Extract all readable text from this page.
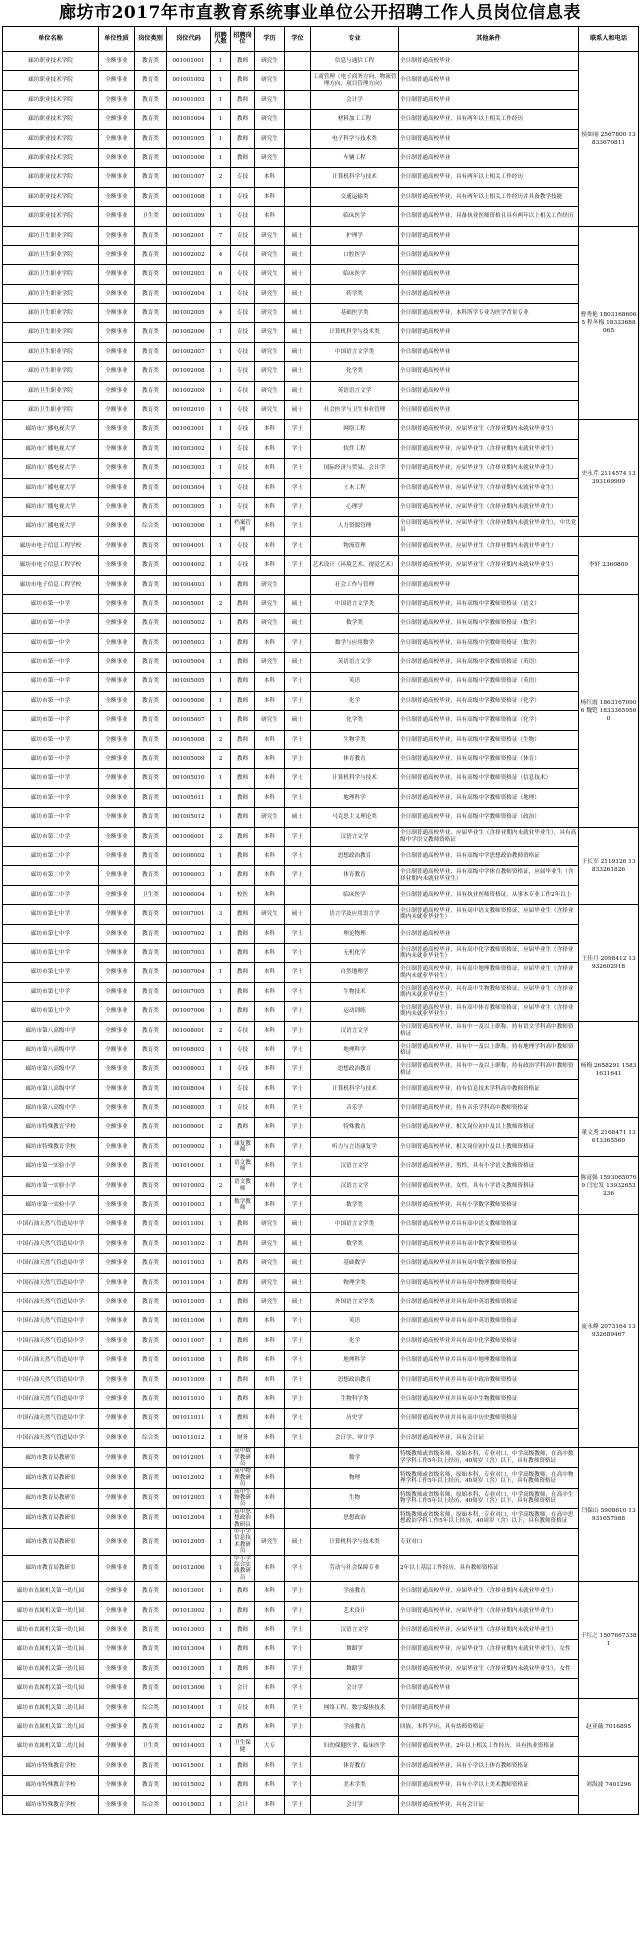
廊坊市2017年市直教育系统事业单位公开招聘工作人员岗位信息表
单位名称	单位性质	岗位类别	岗位代码	招聘人数	招聘岗位	学历	学位	专业	其他条件	联系人和电话
廊坊职业技术学院	全额事业	教育类	001001001	1	教师	研究生		信息与通信工程	全日制普通高校毕业	侯如丽 2567800 13833670811
廊坊职业技术学院	全额事业	教育类	001001002	1	教师	研究生		工商管理（电子商务方向、物流管理方向、项目管理方向）	全日制普通高校毕业	
廊坊职业技术学院	全额事业	教育类	001001003	1	教师	研究生		会计学	全日制普通高校毕业	
廊坊职业技术学院	全额事业	教育类	001001004	1	教师	研究生		材料加工工程	全日制普通高校毕业，具有两年以上相关工作经历	
廊坊职业技术学院	全额事业	教育类	001001005	1	教师	研究生		电子科学与技术类	全日制普通高校毕业	
廊坊职业技术学院	全额事业	教育类	001001006	1	教师	研究生		车辆工程	全日制普通高校毕业	
廊坊职业技术学院	全额事业	教育类	001001007	2	专技	本科		计算机科学与技术	全日制普通高校毕业，具有两年以上相关工作经历	
廊坊职业技术学院	全额事业	教育类	001001008	1	专技	本科		交通运输类	全日制普通高校毕业，具有两年以上相关工作经历并具备教学技能	
廊坊职业技术学院	全额事业	卫生类	001001009	1	专技	本科		临床医学	全日制普通高校毕业，具备执业医师资格且具有两年以上相关工作经历	
廊坊卫生职业学院	全额事业	教育类	001002001	7	专技	研究生	硕士	护理学	全日制普通高校毕业	曹秀艳 18031686065 程冬梅 18333688065
廊坊卫生职业学院	全额事业	教育类	001002002	4	专技	研究生	硕士	口腔医学	全日制普通高校毕业	
廊坊卫生职业学院	全额事业	教育类	001002003	6	专技	研究生	硕士	临床医学	全日制普通高校毕业	
廊坊卫生职业学院	全额事业	教育类	001002004	1	专技	研究生	硕士	药学类	全日制普通高校毕业	
廊坊卫生职业学院	全额事业	教育类	001002005	4	专技	研究生	硕士	基础医学类	全日制普通高校毕业，本科所学专业为医学背景专业	
廊坊卫生职业学院	全额事业	教育类	001002006	1	专技	研究生	硕士	计算机科学与技术类	全日制普通高校毕业	
廊坊卫生职业学院	全额事业	教育类	001002007	1	专技	研究生	硕士	中国语言文学类	全日制普通高校毕业	
廊坊卫生职业学院	全额事业	教育类	001002008	1	专技	研究生	硕士	化学类	全日制普通高校毕业	
廊坊卫生职业学院	全额事业	教育类	001002009	1	专技	研究生	硕士	英语语言文学	全日制普通高校毕业	
廊坊卫生职业学院	全额事业	教育类	001002010	1	专技	研究生	硕士	社会医学与卫生事业管理	全日制普通高校毕业	
廊坊市广播电视大学	全额事业	教育类	001003001	1	专技	本科	学士	网络工程	全日制普通高校毕业，应届毕业生（含择业期内未就业毕业生）	史永芹 2114574 13393169909
廊坊市广播电视大学	全额事业	教育类	001003002	1	专技	本科	学士	软件工程	全日制普通高校毕业，应届毕业生（含择业期内未就业毕业生）	
廊坊市广播电视大学	全额事业	教育类	001003003	1	专技	本科	学士	国际经济与贸易、会计学	全日制普通高校毕业，应届毕业生（含择业期内未就业毕业生）	
廊坊市广播电视大学	全额事业	教育类	001003004	1	专技	本科	学士	土木工程	全日制普通高校毕业，应届毕业生（含择业期内未就业毕业生）	
廊坊市广播电视大学	全额事业	教育类	001003005	1	专技	本科	学士	心理学	全日制普通高校毕业，应届毕业生（含择业期内未就业毕业生）	
廊坊市广播电视大学	全额事业	综合类	001003006	1	档案管理	本科	学士	人力资源管理	全日制普通高校毕业，应届毕业生（含择业期内未就业毕业生），中共党员	
廊坊市电子信息工程学校	全额事业	教育类	001004001	1	专技	本科	学士	物流管理	全日制普通高校毕业，应届毕业生（含择业期内未就业毕业生）	李轩 2360809
廊坊市电子信息工程学校	全额事业	教育类	001004002	1	专技	本科	学士	艺术设计（环境艺术、视觉艺术）	全日制普通高校毕业，应届毕业生（含择业期内未就业毕业生）	
廊坊市电子信息工程学校	全额事业	教育类	001004003	1	教师	研究生		社会工作与管理	全日制普通高校毕业	
廊坊市第一中学	全额事业	教育类	001005001	2	教师	研究生	硕士	中国语言文学类	全日制普通高校毕业，具有高级中学教师资格证（语文）	杨红霞 18631670906 魏铠 18333659560
廊坊市第一中学	全额事业	教育类	001005002	1	教师	研究生	硕士	数学类	全日制普通高校毕业，具有高级中学教师资格证（数学）	
廊坊市第一中学	全额事业	教育类	001005003	1	教师	本科	学士	数学与应用数学	全日制普通高校毕业，具有高级中学教师资格证（数学）	
廊坊市第一中学	全额事业	教育类	001005004	1	教师	研究生	硕士	英语语言文学	全日制普通高校毕业，具有高级中学教师资格证（英语）	
廊坊市第一中学	全额事业	教育类	001005005	1	教师	本科	学士	英语	全日制普通高校毕业，具有高级中学教师资格证（英语）	
廊坊市第一中学	全额事业	教育类	001005006	1	教师	本科	学士	化学	全日制普通高校毕业，具有高级中学教师资格证（化学）	
廊坊市第一中学	全额事业	教育类	001005007	1	教师	研究生	硕士	化学类	全日制普通高校毕业，具有高级中学教师资格证（化学）	
廊坊市第一中学	全额事业	教育类	001005008	2	教师	本科	学士	生物学类	全日制普通高校毕业，具有高级中学教师资格证（生物）	
廊坊市第一中学	全额事业	教育类	001005009	2	教师	本科	学士	体育教育	全日制普通高校毕业，具有高级中学教师资格证（体育）	
廊坊市第一中学	全额事业	教育类	001005010	1	教师	本科	学士	计算机科学与技术	全日制普通高校毕业，具有高级中学教师资格证（信息技术）	
廊坊市第一中学	全额事业	教育类	001005011	1	教师	本科	学士	地理科学	全日制普通高校毕业，具有高级中学教师资格证（地理）	
廊坊市第一中学	全额事业	教育类	001005012	1	教师	研究生	硕士	马克思主义理论类	全日制普通高校毕业，具有高级中学教师资格证（政治）	
廊坊市第二中学	全额事业	教育类	001006001	2	教师	本科	学士	汉语言文学	全日制普通高校毕业，应届毕业生（含择业期内未就业毕业生），具有高级中学语文教师资格证	于长军 2119126 13833261826
廊坊市第二中学	全额事业	教育类	001006002	1	教师	本科	学士	思想政治教育	全日制普通高校毕业，具有高级中学思想政治教师资格证	
廊坊市第二中学	全额事业	教育类	001006003	1	教师	本科	学士	体育教育	全日制普通高校毕业，具有高级中学体育教师资格证，应届毕业生（含择业期内未就业毕业生）	
廊坊市第二中学	全额事业	卫生类	001006004	1	校医	本科		临床医学	全日制普通高校毕业，具有执业医师资格证，从事本专业工作2年以上	
廊坊市第七中学	全额事业	教育类	001007001	3	教师	研究生	硕士	语言学及应用语言学	全日制普通高校毕业，具有高中语文教师资格证，应届毕业生（含择业期内未就业毕业生）	王佳月 2098412 13932602918
廊坊市第七中学	全额事业	教育类	001007002	1	教师	本科	学士	理论物理	全日制普通高校毕业	
廊坊市第七中学	全额事业	教育类	001007003	1	教师	本科	学士	无机化学	全日制普通高校毕业，具有高中化学教师资格证，应届毕业生（含择业期内未就业毕业生）	
廊坊市第七中学	全额事业	教育类	001007004	1	教师	本科	学士	自然地理学	全日制普通高校毕业，具有高中地理教师资格证，应届毕业生（含择业期内未就业毕业生）	
廊坊市第七中学	全额事业	教育类	001007005	1	教师	本科	学士	生物技术	全日制普通高校毕业，具有高中生物教师资格证，应届毕业生（含择业期内未就业毕业生）	
廊坊市第七中学	全额事业	教育类	001007006	1	教师	本科	学士	运动训练	全日制普通高校毕业，具有高中体育教师资格证，应届毕业生（含择业期内未就业毕业生）	
廊坊市第八高级中学	全额事业	教育类	001008001	2	专技	本科	学士	汉语言文学	全日制普通高校毕业，具有中一及以上职称，持有语文学科高中教师资格证	杨梅 2658291 15831631641
廊坊市第八高级中学	全额事业	教育类	001008002	1	专技	本科	学士	地理科学	全日制普通高校毕业，具有中一及以上职称，持有地理学科高中教师资格证	
廊坊市第八高级中学	全额事业	教育类	001008003	1	专技	本科	学士	思想政治教育	全日制普通高校毕业，具有中一及以上职称，持有政治学科高中教师资格证	
廊坊市第八高级中学	全额事业	教育类	001008004	1	专技	本科	学士	计算机科学与技术	全日制普通高校毕业，持有信息技术学科高中教师资格证	
廊坊市第八高级中学	全额事业	教育类	001008005	1	专技	本科	学士	音乐学	全日制普通高校毕业，持有音乐学科高中教师资格证	
廊坊市特殊教育学校	全额事业	教育类	001009001	2	教师	本科	学士	特殊教育	全日制普通高校毕业，相关岗位初中及以上教师资格证	董文秀 2168471 13613365560
廊坊市特殊教育学校	全额事业	教育类	001009002	1	康复教师	本科	学士	听力与言语康复学	全日制普通高校毕业，相关岗位初中及以上教师资格证	
廊坊市第一实验小学	全额事业	教育类	001010001	1	语文教师	本科	学士	汉语言文学	全日制普通高校毕业，男性，具有小学语文教师资格证	陈富强 15930650769 闫宏发 13932653236
廊坊市第一实验小学	全额事业	教育类	001010002	2	语文教师	本科	学士	汉语言文学	全日制普通高校毕业，女性，具有小学语文教师资格证	
廊坊市第一实验小学	全额事业	教育类	001010003	1	数学教师	本科	学士	数学类	全日制普通高校毕业，具有小学数学教师资格证	
中国石油天然气管道局中学	全额事业	教育类	001011001	1	教师	研究生	硕士	中国语言文学类	全日制普通高校毕业并具有高中语文教师资格证	庞永峰 2073164 13932689467
中国石油天然气管道局中学	全额事业	教育类	001011002	1	教师	研究生	硕士	数学类	全日制普通高校毕业并具有高中数学教师资格证	
中国石油天然气管道局中学	全额事业	教育类	001011003	1	教师	研究生	硕士	基础数学	全日制普通高校毕业并具有高中数学教师资格证	
中国石油天然气管道局中学	全额事业	教育类	001011004	1	教师	研究生	硕士	物理学类	全日制普通高校毕业并具有高中物理教师资格证	
中国石油天然气管道局中学	全额事业	教育类	001011005	1	教师	研究生	硕士	外国语言文学类	全日制普通高校毕业并具有高中英语教师资格证	
中国石油天然气管道局中学	全额事业	教育类	001011006	1	教师	本科	学士	英语	全日制普通高校毕业并具有高中英语教师资格证	
中国石油天然气管道局中学	全额事业	教育类	001011007	1	教师	本科	学士	化学	全日制普通高校毕业并具有高中化学教师资格证	
中国石油天然气管道局中学	全额事业	教育类	001011008	1	教师	本科	学士	地理科学	全日制普通高校毕业并具有高中地理教师资格证	
中国石油天然气管道局中学	全额事业	教育类	001011009	1	教师	本科	学士	思想政治教育	全日制普通高校毕业并具有高中政治教师资格证	
中国石油天然气管道局中学	全额事业	教育类	001011010	1	教师	本科	学士	生物科学类	全日制普通高校毕业并具有高中生物教师资格证	
中国石油天然气管道局中学	全额事业	教育类	001011011	1	教师	本科	学士	历史学	全日制普通高校毕业并具有高中历史教师资格证	
中国石油天然气管道局中学	全额事业	综合类	001011012	1	财务	本科	学士	会计学、审计学	全日制普通高校毕业，具有会计证	
廊坊市教育局教研室	全额事业	教育类	001012001	1	高中数学教研员	本科		数学	特级教师或省级名师，原始本科，专业对口，中学高级教师，在高中数学学科工作5年以上经历，40周岁（含）以下，具有教师资格证	闫保山 5908610 13931657988
廊坊市教育局教研室	全额事业	教育类	001012002	1	高中物理教研员	本科		物理	特级教师或省级名师，原始本科，专业对口，中学高级教师，在高中物理学科工作5年以上经历，40周岁（含）以下，具有教师资格证	
廊坊市教育局教研室	全额事业	教育类	001012003	1	高中生物教研员	本科		生物	特级教师或省级名师，原始本科，专业对口，中学高级教师，在高中生物学科工作5年以上经历，40周岁（含）以下，具有教师资格证	
廊坊市教育局教研室	全额事业	教育类	001012004	1	高中思想政治教研员	本科		思想政治	特级教师或省级名师，原始本科，专业对口，中学高级教师，在高中思想政治学科工作5年以上经历，40周岁（含）以下，具有教师资格证	
廊坊市教育局教研室	全额事业	教育类	001012005	1	中小学信息技术教研员	研究生	硕士	计算机科学与技术类	专业对口	
廊坊市教育局教研室	全额事业	教育类	001012006	1	中小学综合实践教研员	本科	学士	劳动与社会保障专业	2年以上基层工作经历，具有教师资格证	
廊坊市直属机关第一幼儿园	全额事业	教育类	001013001	1	教师	本科	学士	学前教育	全日制普通高校毕业，应届毕业生（含择业期内未就业毕业生）	于红之 15076673381
廊坊市直属机关第一幼儿园	全额事业	教育类	001013002	1	教师	本科	学士	艺术设计	全日制普通高校毕业，应届毕业生（含择业期内未就业毕业生）	
廊坊市直属机关第一幼儿园	全额事业	教育类	001013003	1	教师	本科	学士	汉语言文学	全日制普通高校毕业，应届毕业生（含择业期内未就业毕业生）	
廊坊市直属机关第一幼儿园	全额事业	教育类	001013004	1	教师	本科	学士	舞蹈学	全日制普通高校毕业，应届毕业生（含择业期内未就业毕业生），女性	
廊坊市直属机关第一幼儿园	全额事业	教育类	001013005	1	教师	本科	学士	舞蹈学	全日制普通高校毕业，应届毕业生（含择业期内未就业毕业生），女性	
廊坊市直属机关第一幼儿园	全额事业	教育类	001013006	1	会计	本科	学士	会计学	全日制普通高校毕业	
廊坊市直属机关第二幼儿园	全额事业	综合类	001014001	1	专技	本科	学士	网络工程、数字媒体技术	全日制普通高校毕业	赵亚薇 7016895
廊坊市直属机关第二幼儿园	全额事业	教育类	001014002	2	教师	本科	学士	学前教育	回族，本科学历，具有幼师资格证	
廊坊市直属机关第二幼儿园	全额事业	卫生类	001014003	1	卫生保健	大专		妇幼保健医学、临床医学	全日制普通高校毕业，2年以上相关工作经历，具有执业资格证	
廊坊市特殊教育学校	全额事业	教育类	001015001	1	教师	本科	学士	体育教育	全日制普通高校毕业，具有小学以上体育教师资格证	刘海波 7401296
廊坊市特殊教育学校	全额事业	教育类	001015002	1	教师	本科	学士	美术学类	全日制普通高校毕业，具有小学以上美术教师资格证	
廊坊市特殊教育学校	全额事业	综合类	001015003	1	会计	本科	学士	会计学	全日制普通高校毕业，具有会计证	
